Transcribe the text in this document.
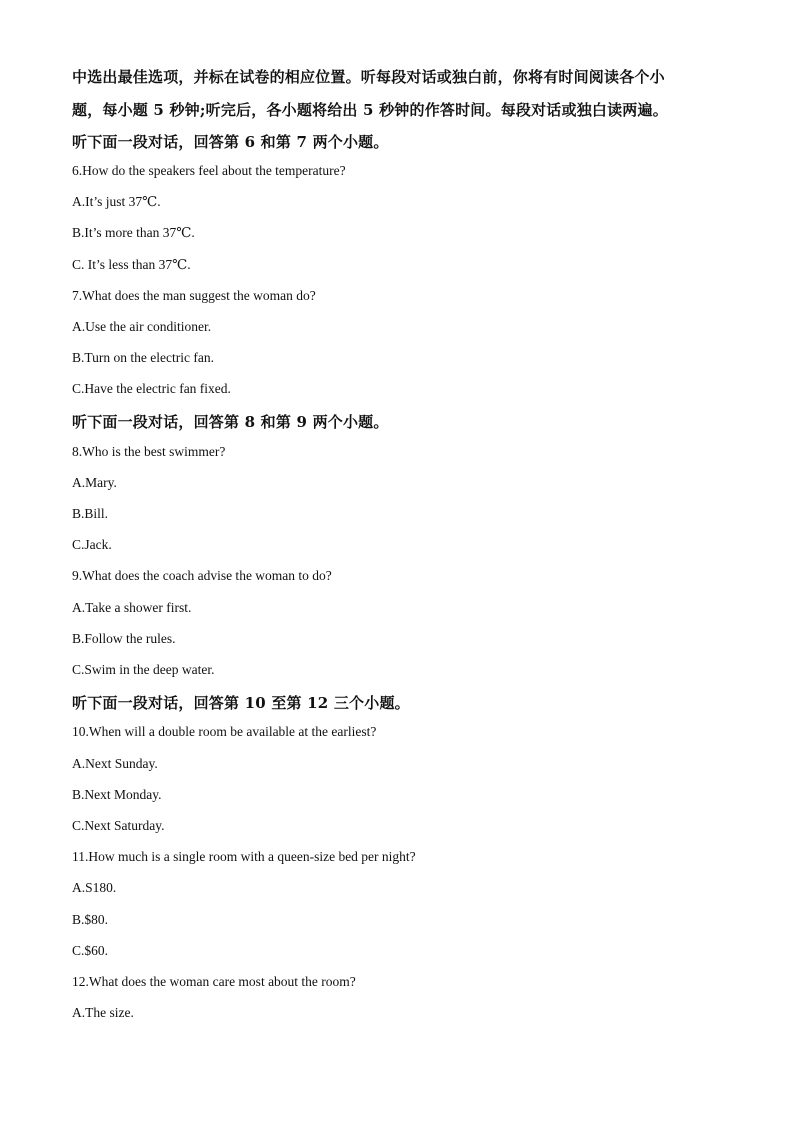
中选出最佳选项，并标在试卷的相应位置。听每段对话或独白前，你将有时间阅读各个小
题，每小题 5 秒钟;听完后，各小题将给出 5 秒钟的作答时间。每段对话或独白读两遍。
听下面一段对话，回答第 6 和第 7 两个小题。
6.How do the speakers feel about the temperature?
A.It’s just 37℃.
B.It’s more than 37℃.
C. It’s less than 37℃.
7.What does the man suggest the woman do?
A.Use the air conditioner.
B.Turn on the electric fan.
C.Have the electric fan fixed.
听下面一段对话，回答第 8 和第 9 两个小题。
8.Who is the best swimmer?
A.Mary.
B.Bill.
C.Jack.
9.What does the coach advise the woman to do?
A.Take a shower first.
B.Follow the rules.
C.Swim in the deep water.
听下面一段对话，回答第 10 至第 12 三个小题。
10.When will a double room be available at the earliest?
A.Next Sunday.
B.Next Monday.
C.Next Saturday.
11.How much is a single room with a queen-size bed per night?
A.S180.
B.$80.
C.$60.
12.What does the woman care most about the room?
A.The size.
